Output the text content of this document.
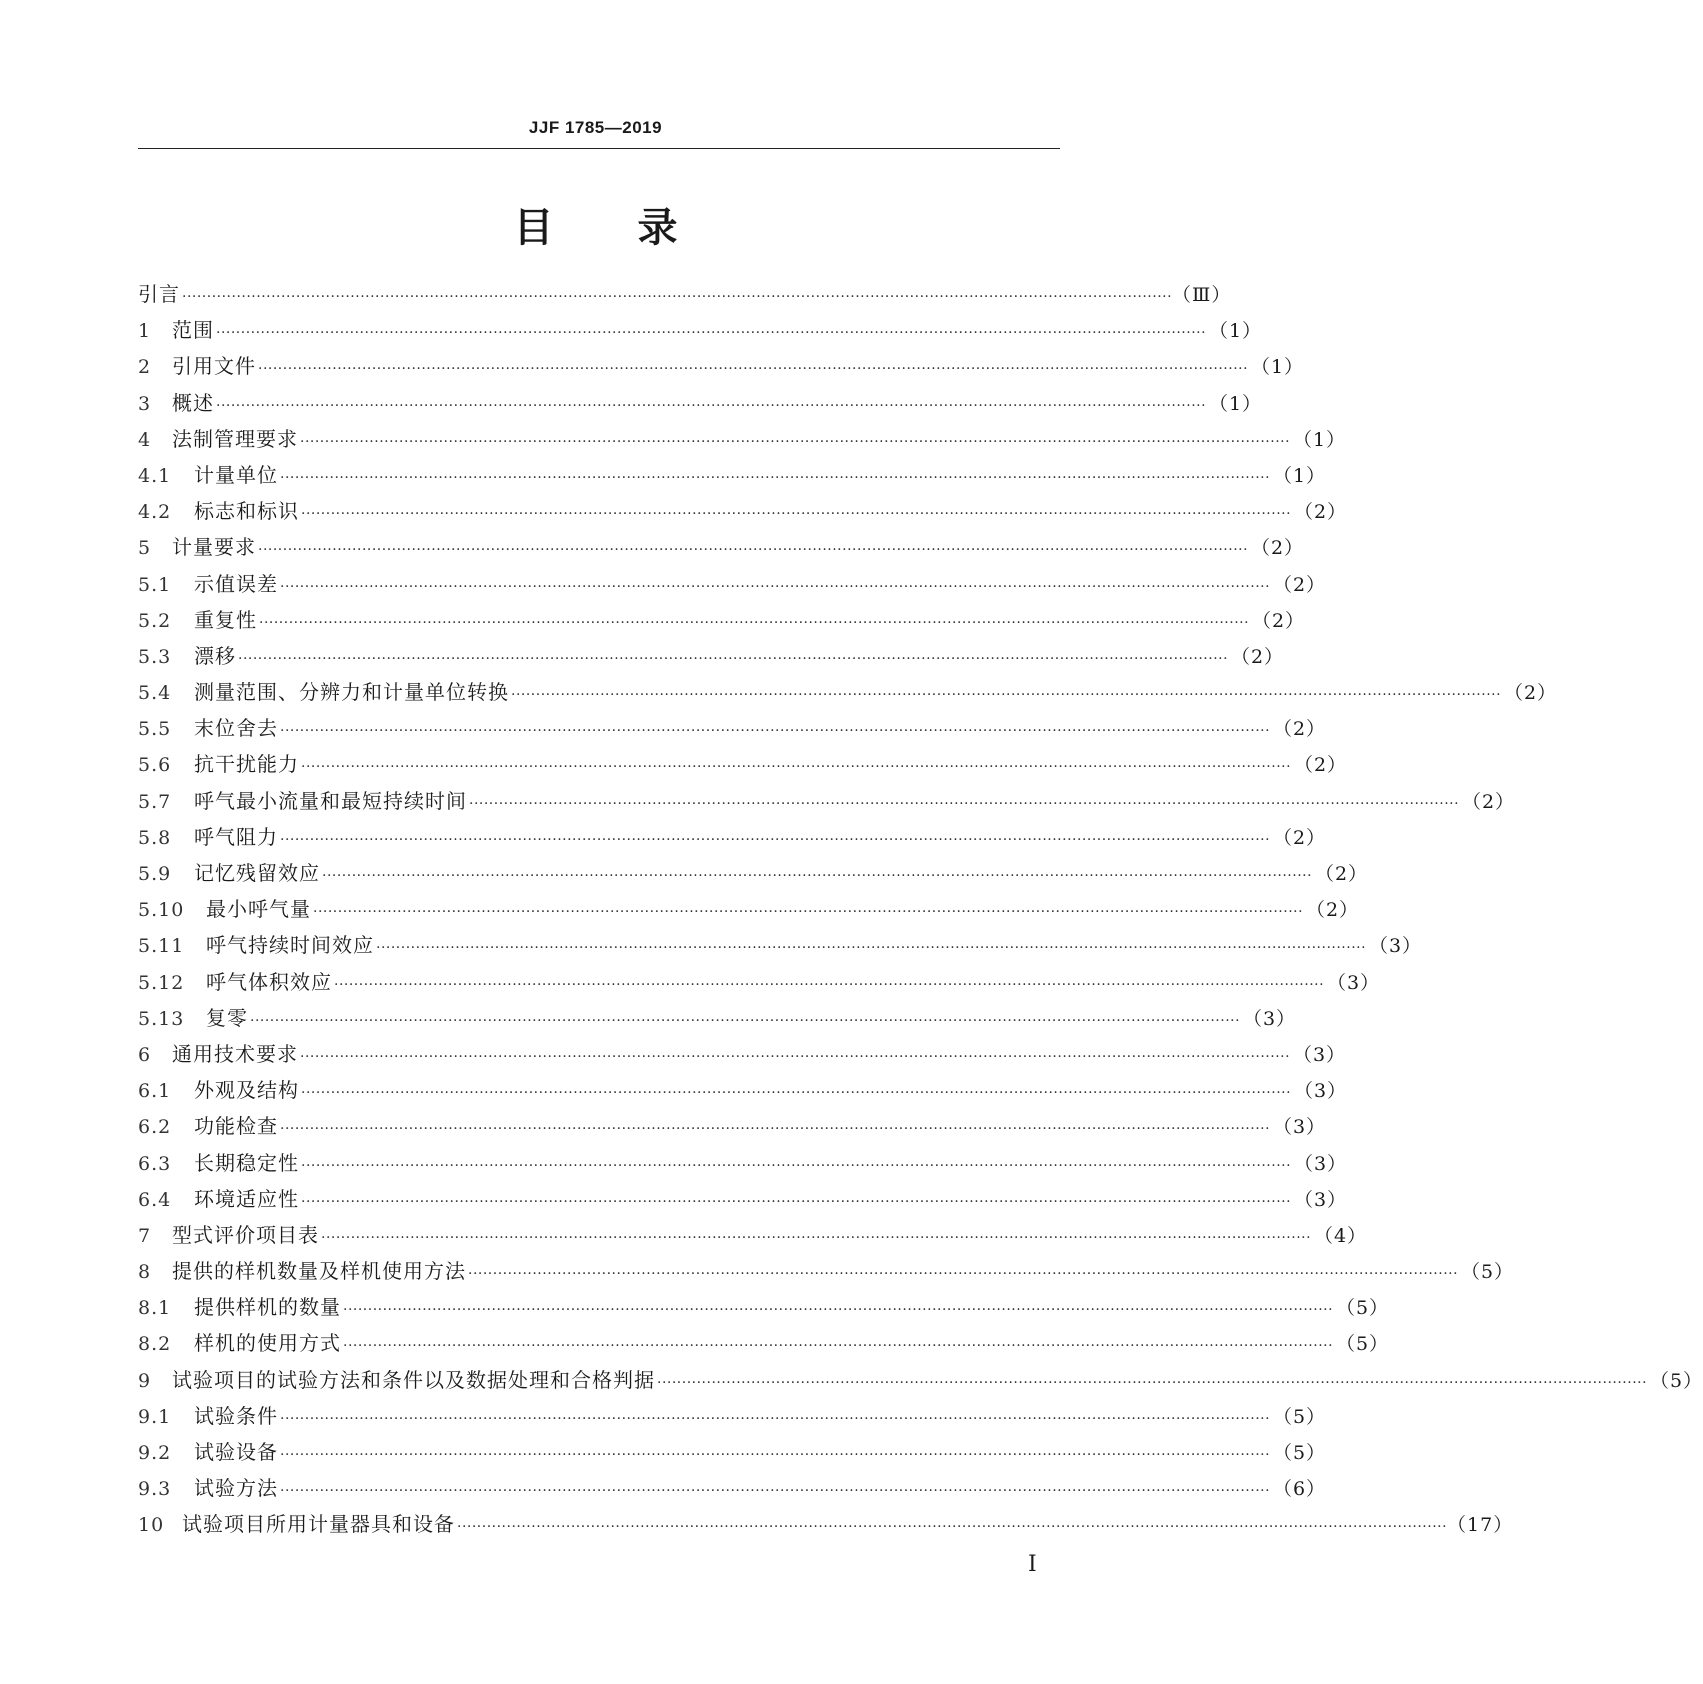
JJF 1785—2019
目 录
引言 ········································································································································································································ （Ⅲ）
1	范围 ········································································································································································································ （1）
2	引用文件 ········································································································································································································ （1）
3	概述 ········································································································································································································ （1）
4	法制管理要求 ········································································································································································································ （1）
4.1	计量单位 ········································································································································································································ （1）
4.2	标志和标识 ········································································································································································································ （2）
5	计量要求 ········································································································································································································ （2）
5.1	示值误差 ········································································································································································································ （2）
5.2	重复性 ········································································································································································································ （2）
5.3	漂移 ········································································································································································································ （2）
5.4	测量范围、分辨力和计量单位转换 ········································································································································································································ （2）
5.5	末位舍去 ········································································································································································································ （2）
5.6	抗干扰能力 ········································································································································································································ （2）
5.7	呼气最小流量和最短持续时间 ········································································································································································································ （2）
5.8	呼气阻力 ········································································································································································································ （2）
5.9	记忆残留效应 ········································································································································································································ （2）
5.10	最小呼气量 ········································································································································································································ （2）
5.11	呼气持续时间效应 ········································································································································································································ （3）
5.12	呼气体积效应 ········································································································································································································ （3）
5.13	复零 ········································································································································································································ （3）
6	通用技术要求 ········································································································································································································ （3）
6.1	外观及结构 ········································································································································································································ （3）
6.2	功能检查 ········································································································································································································ （3）
6.3	长期稳定性 ········································································································································································································ （3）
6.4	环境适应性 ········································································································································································································ （3）
7	型式评价项目表 ········································································································································································································ （4）
8	提供的样机数量及样机使用方法 ········································································································································································································ （5）
8.1	提供样机的数量 ········································································································································································································ （5）
8.2	样机的使用方式 ········································································································································································································ （5）
9	试验项目的试验方法和条件以及数据处理和合格判据 ········································································································································································································ （5）
9.1	试验条件 ········································································································································································································ （5）
9.2	试验设备 ········································································································································································································ （5）
9.3	试验方法 ········································································································································································································ （6）
10 试验项目所用计量器具和设备 ········································································································································································································ （17）
Ⅰ
